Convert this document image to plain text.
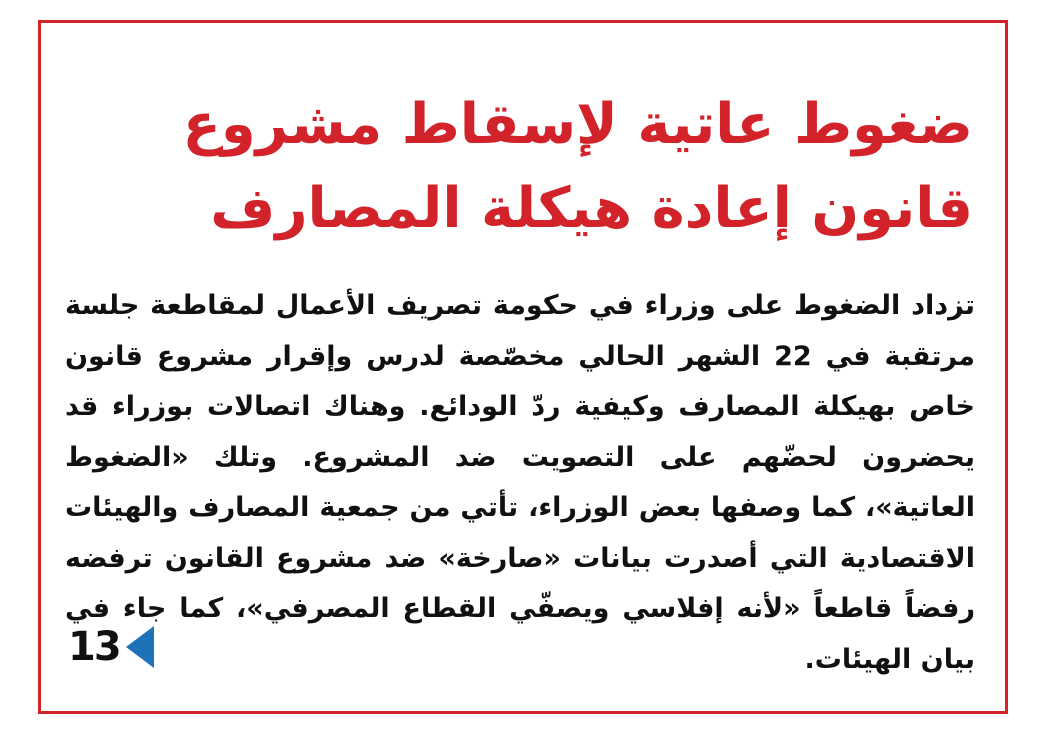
ضغوط عاتية لإسقاط مشروع
قانون إعادة هيكلة المصارف

تزداد الضغوط على وزراء في حكومة تصريف الأعمال لمقاطعة جلسة مرتقبة في 22 الشهر الحالي مخصّصة لدرس وإقرار مشروع قانون خاص بهيكلة المصارف وكيفية ردّ الودائع. وهناك اتصالات بوزراء قد يحضرون لحضّهم على التصويت ضد المشروع. وتلك «الضغوط العاتية»، كما وصفها بعض الوزراء، تأتي من جمعية المصارف والهيئات الاقتصادية التي أصدرت بيانات «صارخة» ضد مشروع القانون ترفضه رفضاً قاطعاً «لأنه إفلاسي ويصفّي القطاع المصرفي»، كما جاء في بيان الهيئات.

13
